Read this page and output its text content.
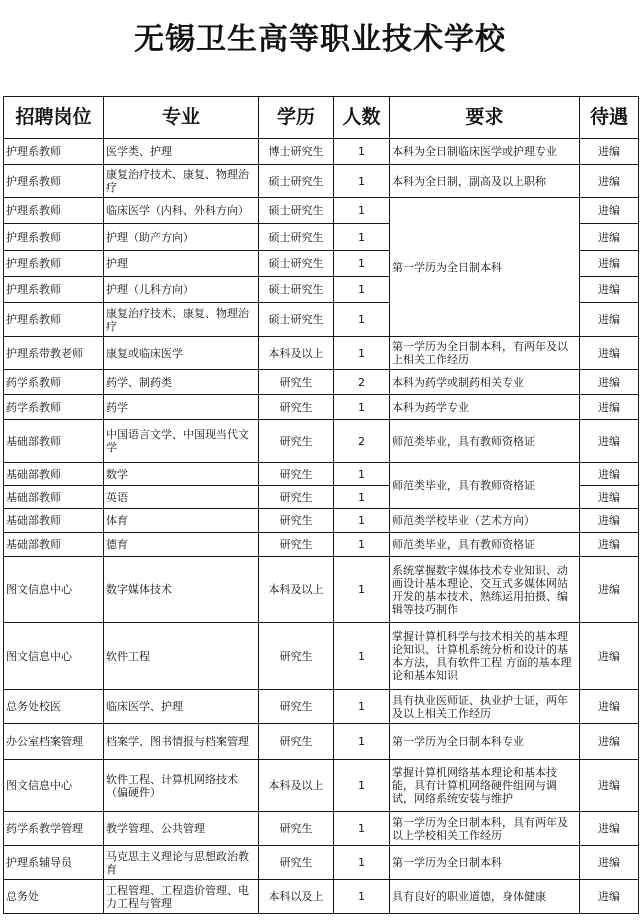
无锡卫生高等职业技术学校
招聘岗位	专业	学历	人数	要求	待遇
护理系教师	医学类、护理	博士研究生	1	本科为全日制临床医学或护理专业	进编
护理系教师	康复治疗技术、康复、物理治疗	硕士研究生	1	本科为全日制，副高及以上职称	进编
护理系教师	临床医学（内科、外科方向）	硕士研究生	1	第一学历为全日制本科	进编
护理系教师	护理（助产方向）	硕士研究生	1		进编
护理系教师	护理	硕士研究生	1		进编
护理系教师	护理（儿科方向）	硕士研究生	1		进编
护理系教师	康复治疗技术、康复、物理治疗	硕士研究生	1		进编
护理系带教老师	康复或临床医学	本科及以上	1	第一学历为全日制本科，有两年及以上相关工作经历	进编
药学系教师	药学、制药类	研究生	2	本科为药学或制药相关专业	进编
药学系教师	药学	研究生	1	本科为药学专业	进编
基础部教师	中国语言文学、中国现当代文学	研究生	2	师范类毕业，具有教师资格证	进编
基础部教师	数学	研究生	1	师范类毕业，具有教师资格证	进编
基础部教师	英语	研究生	1		进编
基础部教师	体育	研究生	1	师范类学校毕业（艺术方向）	进编
基础部教师	德育	研究生	1	师范类毕业，具有教师资格证	进编
图文信息中心	数字媒体技术	本科及以上	1	系统掌握数字媒体技术专业知识、动画设计基本理论、交互式多媒体网站开发的基本技术、熟练运用拍摄、编辑等技巧制作	进编
图文信息中心	软件工程	研究生	1	掌握计算机科学与技术相关的基本理论知识、计算机系统分析和设计的基本方法，具有软件工程 方面的基本理论和基本知识	进编
总务处校医	临床医学、护理	研究生	1	具有执业医师证、执业护士证，两年及以上相关工作经历	进编
办公室档案管理	档案学、图书情报与档案管理	研究生	1	第一学历为全日制本科专业	进编
图文信息中心	软件工程、计算机网络技术（偏硬件）	本科及以上	1	掌握计算机网络基本理论和基本技能，具有计算机网络硬件组网与调试，网络系统安装与维护	进编
药学系教学管理	教学管理、公共管理	研究生	1	第一学历为全日制本科，具有两年及以上学校相关工作经历	进编
护理系辅导员	马克思主义理论与思想政治教育	研究生	1	第一学历为全日制本科	进编
总务处	工程管理、工程造价管理、电力工程与管理	本科以及上	1	具有良好的职业道德，身体健康	进编
